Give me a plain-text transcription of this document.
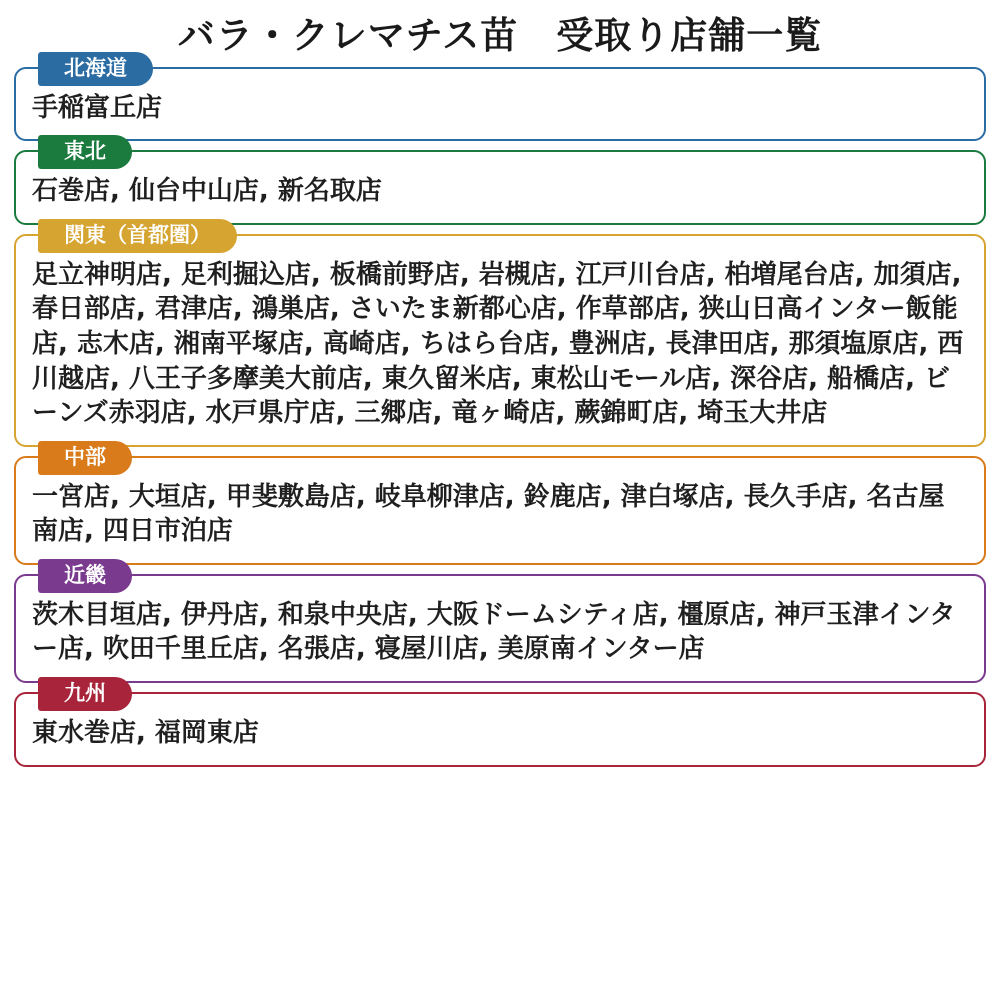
バラ・クレマチス苗　受取り店舗一覧
北海道
手稲富丘店
東北
石巻店, 仙台中山店, 新名取店
関東（首都圏）
足立神明店, 足利掘込店, 板橋前野店, 岩槻店, 江戸川台店, 柏増尾台店, 加須店, 春日部店, 君津店, 鴻巣店, さいたま新都心店, 作草部店, 狭山日高インター飯能店, 志木店, 湘南平塚店, 高崎店, ちはら台店, 豊洲店, 長津田店, 那須塩原店, 西川越店, 八王子多摩美大前店, 東久留米店, 東松山モール店, 深谷店, 船橋店, ビーンズ赤羽店, 水戸県庁店, 三郷店, 竜ヶ崎店, 蕨錦町店, 埼玉大井店
中部
一宮店, 大垣店, 甲斐敷島店, 岐阜柳津店, 鈴鹿店, 津白塚店, 長久手店, 名古屋南店, 四日市泊店
近畿
茨木目垣店, 伊丹店, 和泉中央店, 大阪ドームシティ店, 橿原店, 神戸玉津インター店, 吹田千里丘店, 名張店, 寝屋川店, 美原南インター店
九州
東水巻店, 福岡東店
